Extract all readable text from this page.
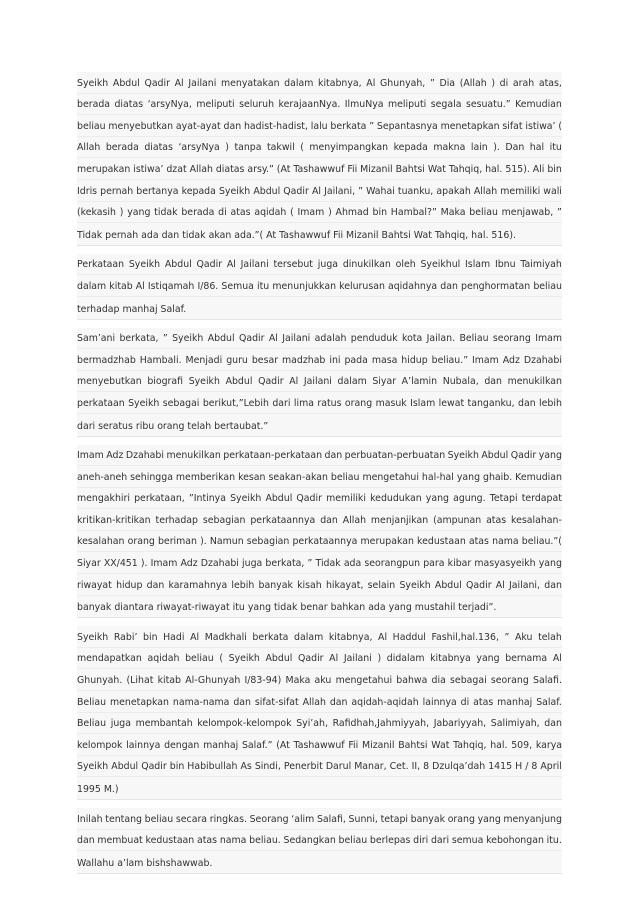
Syeikh Abdul Qadir Al Jailani menyatakan dalam kitabnya, Al Ghunyah, ” Dia (Allah ) di arah atas,
berada diatas ‘arsyNya, meliputi seluruh kerajaanNya. IlmuNya meliputi segala sesuatu.” Kemudian
beliau menyebutkan ayat-ayat dan hadist-hadist, lalu berkata ” Sepantasnya menetapkan sifat istiwa’ (
Allah berada diatas ‘arsyNya ) tanpa takwil ( menyimpangkan kepada makna lain ). Dan hal itu
merupakan istiwa’ dzat Allah diatas arsy.” (At Tashawwuf Fii Mizanil Bahtsi Wat Tahqiq, hal. 515). Ali bin
Idris pernah bertanya kepada Syeikh Abdul Qadir Al Jailani, ” Wahai tuanku, apakah Allah memiliki wali
(kekasih ) yang tidak berada di atas aqidah ( Imam ) Ahmad bin Hambal?” Maka beliau menjawab, ”
Tidak pernah ada dan tidak akan ada.”( At Tashawwuf Fii Mizanil Bahtsi Wat Tahqiq, hal. 516).
Perkataan Syeikh Abdul Qadir Al Jailani tersebut juga dinukilkan oleh Syeikhul Islam Ibnu Taimiyah
dalam kitab Al Istiqamah I/86. Semua itu menunjukkan kelurusan aqidahnya dan penghormatan beliau
terhadap manhaj Salaf.
Sam’ani berkata, ” Syeikh Abdul Qadir Al Jailani adalah penduduk kota Jailan. Beliau seorang Imam
bermadzhab Hambali. Menjadi guru besar madzhab ini pada masa hidup beliau.” Imam Adz Dzahabi
menyebutkan biografi Syeikh Abdul Qadir Al Jailani dalam Siyar A’lamin Nubala, dan menukilkan
perkataan Syeikh sebagai berikut,”Lebih dari lima ratus orang masuk Islam lewat tanganku, dan lebih
dari seratus ribu orang telah bertaubat.”
Imam Adz Dzahabi menukilkan perkataan-perkataan dan perbuatan-perbuatan Syeikh Abdul Qadir yang
aneh-aneh sehingga memberikan kesan seakan-akan beliau mengetahui hal-hal yang ghaib. Kemudian
mengakhiri perkataan, ”Intinya Syeikh Abdul Qadir memiliki kedudukan yang agung. Tetapi terdapat
kritikan-kritikan terhadap sebagian perkataannya dan Allah menjanjikan (ampunan atas kesalahan-
kesalahan orang beriman ). Namun sebagian perkataannya merupakan kedustaan atas nama beliau.”(
Siyar XX/451 ). Imam Adz Dzahabi juga berkata, ” Tidak ada seorangpun para kibar masyasyeikh yang
riwayat hidup dan karamahnya lebih banyak kisah hikayat, selain Syeikh Abdul Qadir Al Jailani, dan
banyak diantara riwayat-riwayat itu yang tidak benar bahkan ada yang mustahil terjadi”.
Syeikh Rabi’ bin Hadi Al Madkhali berkata dalam kitabnya, Al Haddul Fashil,hal.136, ” Aku telah
mendapatkan aqidah beliau ( Syeikh Abdul Qadir Al Jailani ) didalam kitabnya yang bernama Al
Ghunyah. (Lihat kitab Al-Ghunyah I/83-94) Maka aku mengetahui bahwa dia sebagai seorang Salafi.
Beliau menetapkan nama-nama dan sifat-sifat Allah dan aqidah-aqidah lainnya di atas manhaj Salaf.
Beliau juga membantah kelompok-kelompok Syi’ah, Rafidhah,Jahmiyyah, Jabariyyah, Salimiyah, dan
kelompok lainnya dengan manhaj Salaf.” (At Tashawwuf Fii Mizanil Bahtsi Wat Tahqiq, hal. 509, karya
Syeikh Abdul Qadir bin Habibullah As Sindi, Penerbit Darul Manar, Cet. II, 8 Dzulqa’dah 1415 H / 8 April
1995 M.)
Inilah tentang beliau secara ringkas. Seorang ‘alim Salafi, Sunni, tetapi banyak orang yang menyanjung
dan membuat kedustaan atas nama beliau. Sedangkan beliau berlepas diri dari semua kebohongan itu.
Wallahu a’lam bishshawwab.
